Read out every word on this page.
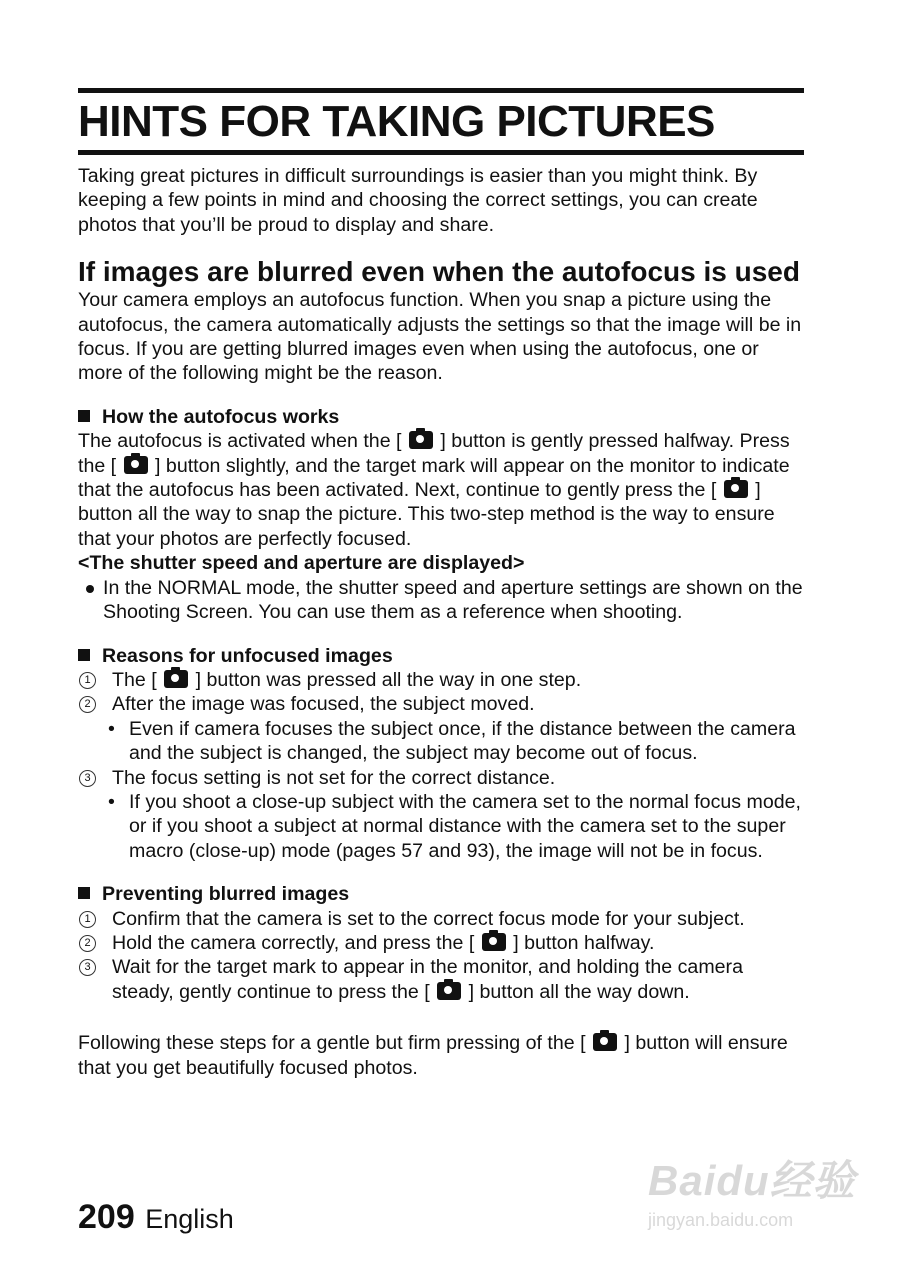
HINTS FOR TAKING PICTURES

Taking great pictures in difficult surroundings is easier than you might think. By keeping a few points in mind and choosing the correct settings, you can create photos that you’ll be proud to display and share.

If images are blurred even when the autofocus is used

Your camera employs an autofocus function. When you snap a picture using the autofocus, the camera automatically adjusts the settings so that the image will be in focus. If you are getting blurred images even when using the autofocus, one or more of the following might be the reason.

How the autofocus works

The autofocus is activated when the [ ] button is gently pressed halfway. Press the [ ] button slightly, and the target mark will appear on the monitor to indicate that the autofocus has been activated. Next, continue to gently press the [ ] button all the way to snap the picture. This two-step method is the way to ensure that your photos are perfectly focused.

<The shutter speed and aperture are displayed>
In the NORMAL mode, the shutter speed and aperture settings are shown on the Shooting Screen. You can use them as a reference when shooting.
Reasons for unfocused images
1 The [ ] button was pressed all the way in one step.
2 After the image was focused, the subject moved.
• Even if camera focuses the subject once, if the distance between the camera and the subject is changed, the subject may become out of focus.
3 The focus setting is not set for the correct distance.
• If you shoot a close-up subject with the camera set to the normal focus mode, or if you shoot a subject at normal distance with the camera set to the super macro (close-up) mode (pages 57 and 93), the image will not be in focus.
Preventing blurred images
1 Confirm that the camera is set to the correct focus mode for your subject.
2 Hold the camera correctly, and press the [ ] button halfway.
3 Wait for the target mark to appear in the monitor, and holding the camera steady, gently continue to press the [ ] button all the way down.

Following these steps for a gentle but firm pressing of the [ ] button will ensure that you get beautifully focused photos.

209 English
Baidu经验
jingyan.baidu.com
